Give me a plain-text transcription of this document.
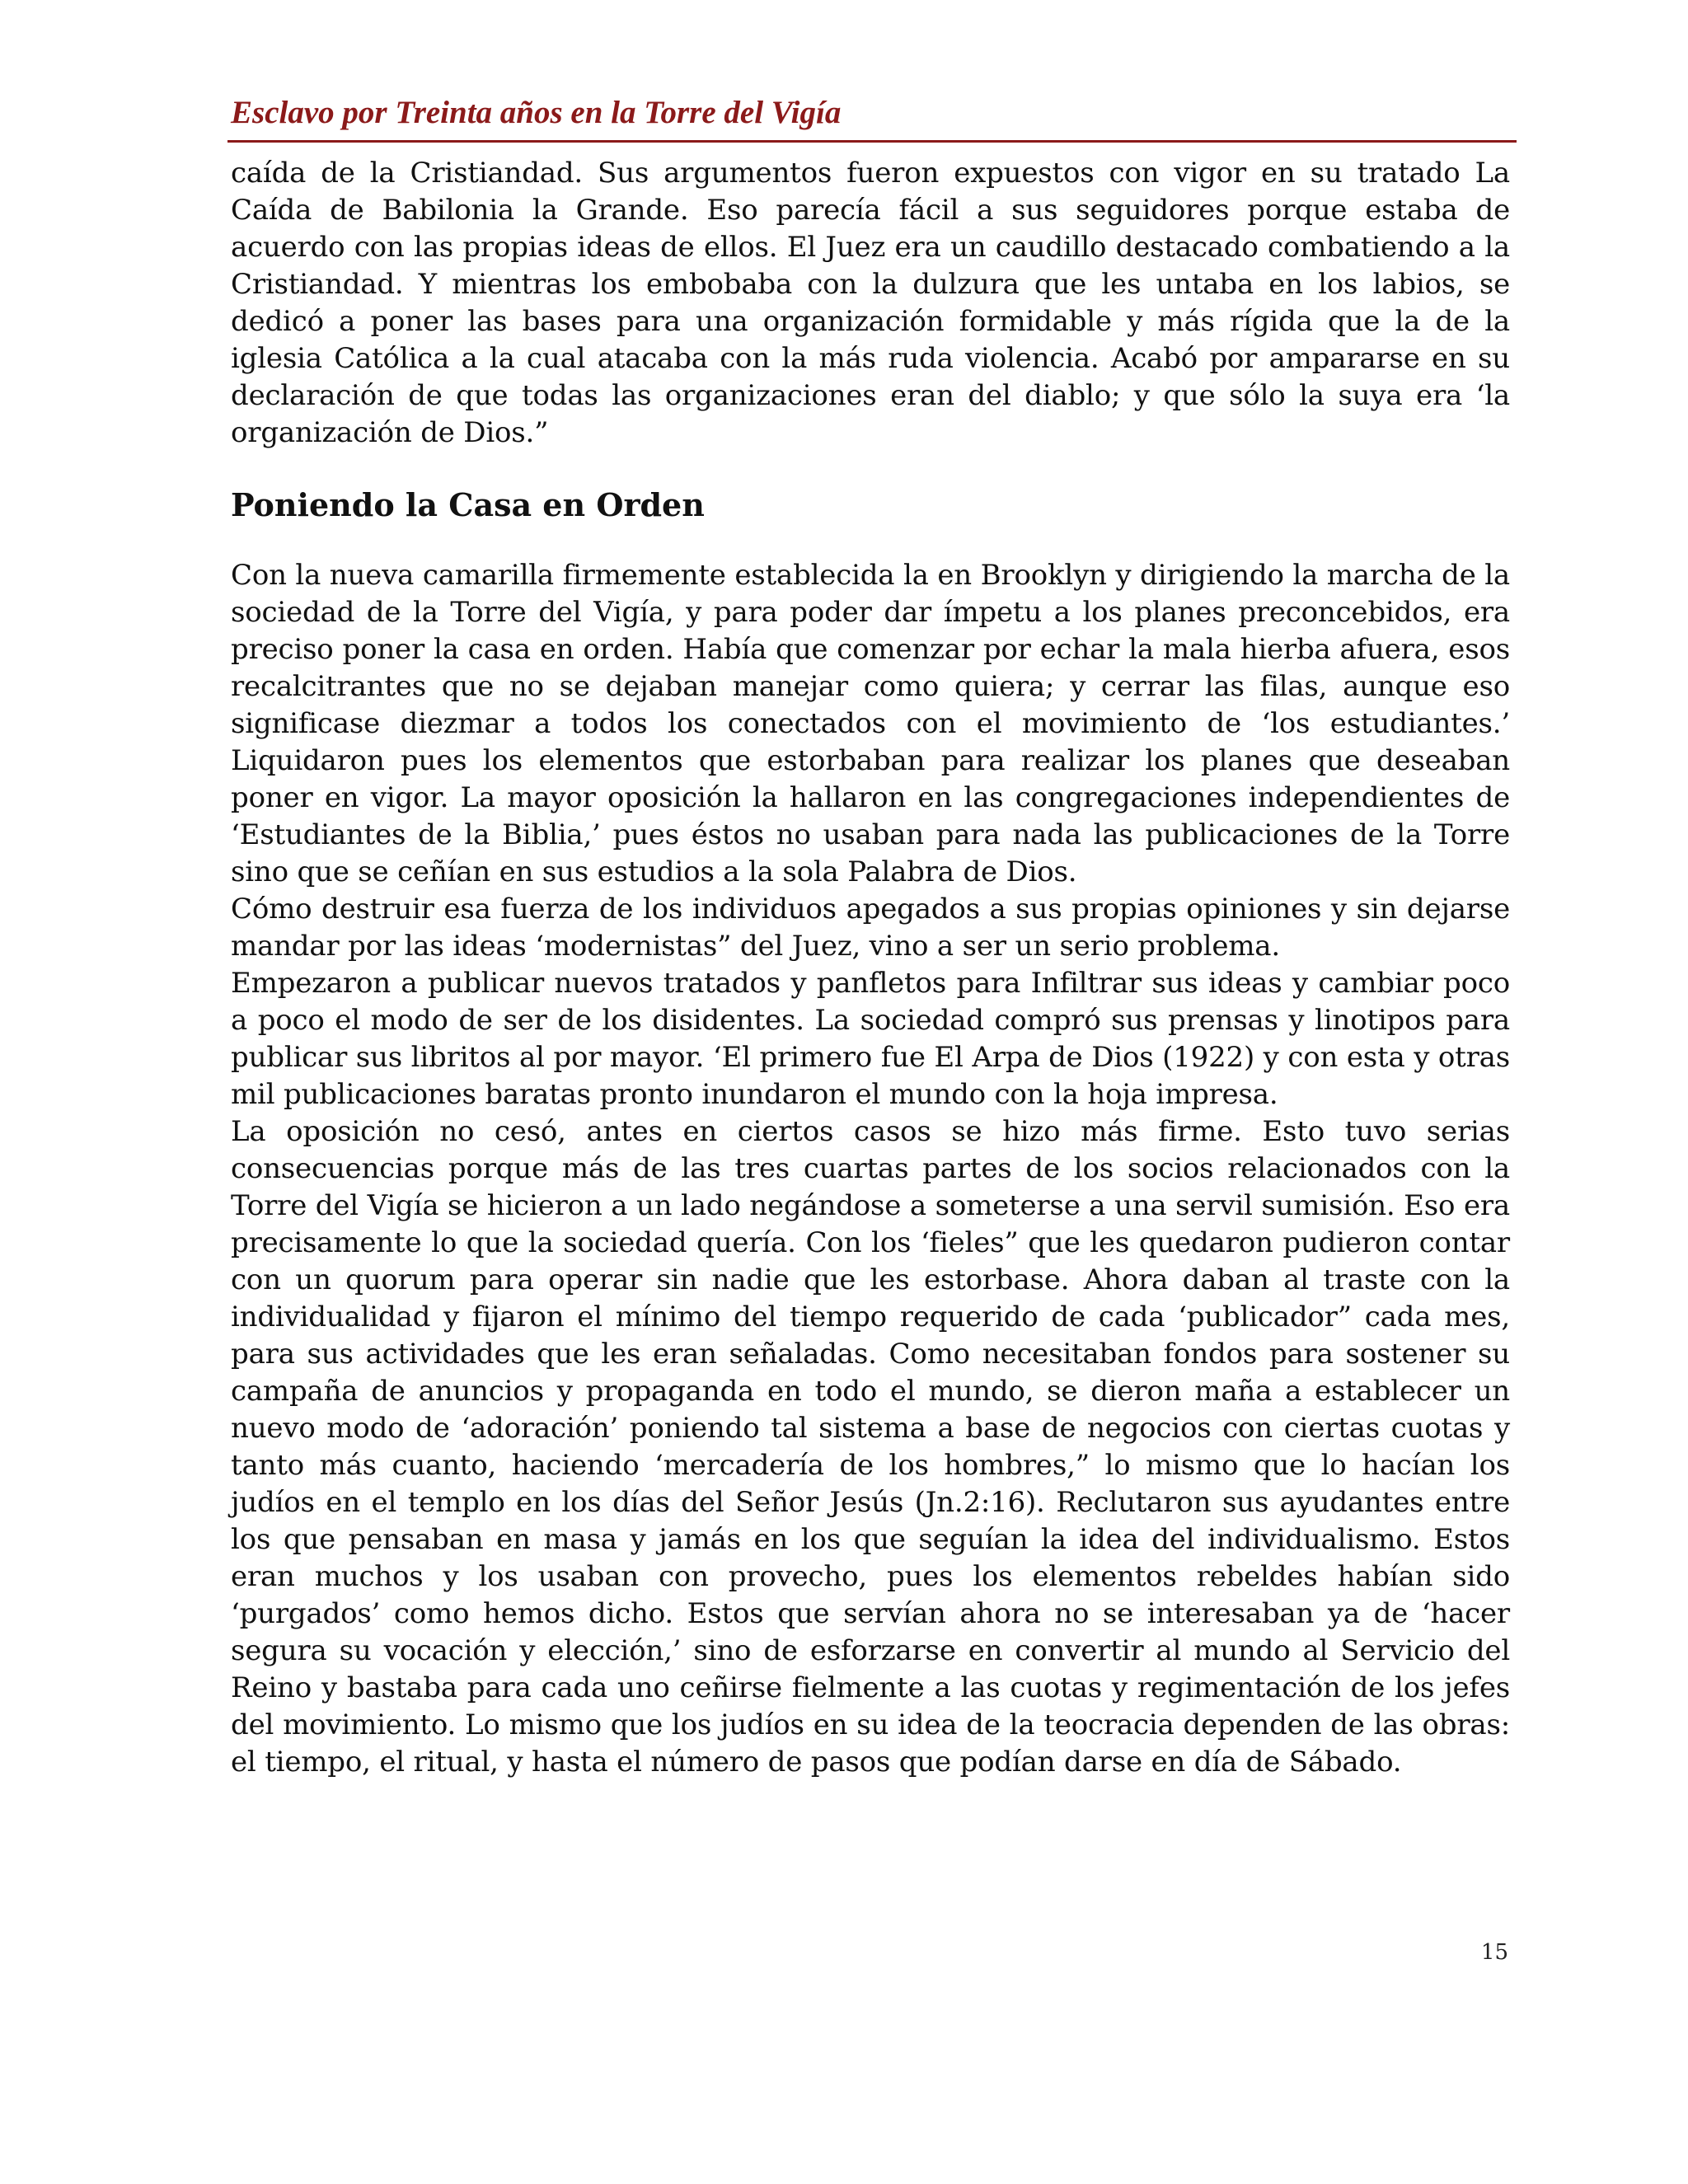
Esclavo por Treinta años en la Torre del Vigía

caída de la Cristiandad. Sus argumentos fueron expuestos con vigor en su tratado La Caída de Babilonia la Grande. Eso parecía fácil a sus seguidores porque estaba de acuerdo con las propias ideas de ellos. El Juez era un caudillo destacado combatiendo a la Cristiandad. Y mientras los embobaba con la dulzura que les untaba en los labios, se dedicó a poner las bases para una organización formidable y más rígida que la de la iglesia Católica a la cual atacaba con la más ruda violencia. Acabó por ampararse en su declaración de que todas las organizaciones eran del diablo; y que sólo la suya era ‘la organización de Dios.”

Poniendo la Casa en Orden

Con la nueva camarilla firmemente establecida la en Brooklyn y dirigiendo la marcha de la sociedad de la Torre del Vigía, y para poder dar ímpetu a los planes preconcebidos, era preciso poner la casa en orden. Había que comenzar por echar la mala hierba afuera, esos recalcitrantes que no se dejaban manejar como quiera; y cerrar las filas, aunque eso significase diezmar a todos los conectados con el movimiento de ‘los estudiantes.’ Liquidaron pues los elementos que estorbaban para realizar los planes que deseaban poner en vigor. La mayor oposición la hallaron en las congregaciones independientes de ‘Estudiantes de la Biblia,’ pues éstos no usaban para nada las publicaciones de la Torre sino que se ceñían en sus estudios a la sola Palabra de Dios.

Cómo destruir esa fuerza de los individuos apegados a sus propias opiniones y sin dejarse mandar por las ideas ‘modernistas” del Juez, vino a ser un serio problema.

Empezaron a publicar nuevos tratados y panfletos para Infiltrar sus ideas y cambiar poco a poco el modo de ser de los disidentes. La sociedad compró sus prensas y linotipos para publicar sus libritos al por mayor. ‘El primero fue El Arpa de Dios (1922) y con esta y otras mil publicaciones baratas pronto inundaron el mundo con la hoja impresa.

La oposición no cesó, antes en ciertos casos se hizo más firme. Esto tuvo serias consecuencias porque más de las tres cuartas partes de los socios relacionados con la Torre del Vigía se hicieron a un lado negándose a someterse a una servil sumisión. Eso era precisamente lo que la sociedad quería. Con los ‘fieles” que les quedaron pudieron contar con un quorum para operar sin nadie que les estorbase. Ahora daban al traste con la individualidad y fijaron el mínimo del tiempo requerido de cada ‘publicador” cada mes, para sus actividades que les eran señaladas. Como necesitaban fondos para sostener su campaña de anuncios y propaganda en todo el mundo, se dieron maña a establecer un nuevo modo de ‘adoración’ poniendo tal sistema a base de negocios con ciertas cuotas y tanto más cuanto, haciendo ‘mercadería de los hombres,” lo mismo que lo hacían los judíos en el templo en los días del Señor Jesús (Jn.2:16). Reclutaron sus ayudantes entre los que pensaban en masa y jamás en los que seguían la idea del individualismo. Estos eran muchos y los usaban con provecho, pues los elementos rebeldes habían sido ‘purgados’ como hemos dicho. Estos que servían ahora no se interesaban ya de ‘hacer segura su vocación y elección,’ sino de esforzarse en convertir al mundo al Servicio del Reino y bastaba para cada uno ceñirse fielmente a las cuotas y regimentación de los jefes del movimiento. Lo mismo que los judíos en su idea de la teocracia dependen de las obras: el tiempo, el ritual, y hasta el número de pasos que podían darse en día de Sábado.

15
